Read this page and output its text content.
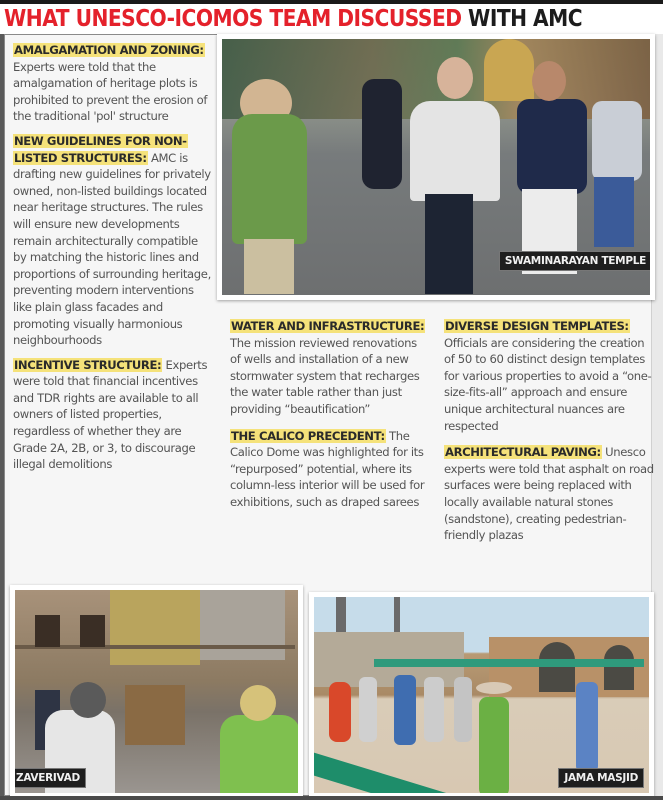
WHAT UNESCO-ICOMOS TEAM DISCUSSED WITH AMC
AMALGAMATION AND ZONING: Experts were told that the amalgamation of heritage plots is prohibited to prevent the erosion of the traditional 'pol' structure
NEW GUIDELINES FOR NON-LISTED STRUCTURES: AMC is drafting new guidelines for privately owned, non-listed buildings located near heritage structures. The rules will ensure new developments remain architecturally compatible by matching the historic lines and proportions of surrounding heritage, preventing modern interventions like plain glass facades and promoting visually harmonious neighbourhoods
INCENTIVE STRUCTURE: Experts were told that financial incentives and TDR rights are available to all owners of listed properties, regardless of whether they are Grade 2A, 2B, or 3, to discourage illegal demolitions
WATER AND INFRASTRUCTURE: The mission reviewed renovations of wells and installation of a new stormwater system that recharges the water table rather than just providing “beautification”
THE CALICO PRECEDENT: The Calico Dome was highlighted for its “repurposed” potential, where its column-less interior will be used for exhibitions, such as draped sarees
DIVERSE DESIGN TEMPLATES: Officials are considering the creation of 50 to 60 distinct design templates for various properties to avoid a “one-size-fits-all” approach and ensure unique architectural nuances are respected
ARCHITECTURAL PAVING: Unesco experts were told that asphalt on road surfaces were being replaced with locally available natural stones (sandstone), creating pedestrian-friendly plazas
SWAMINARAYAN TEMPLE
ZAVERIVAD	JAMA MASJID
